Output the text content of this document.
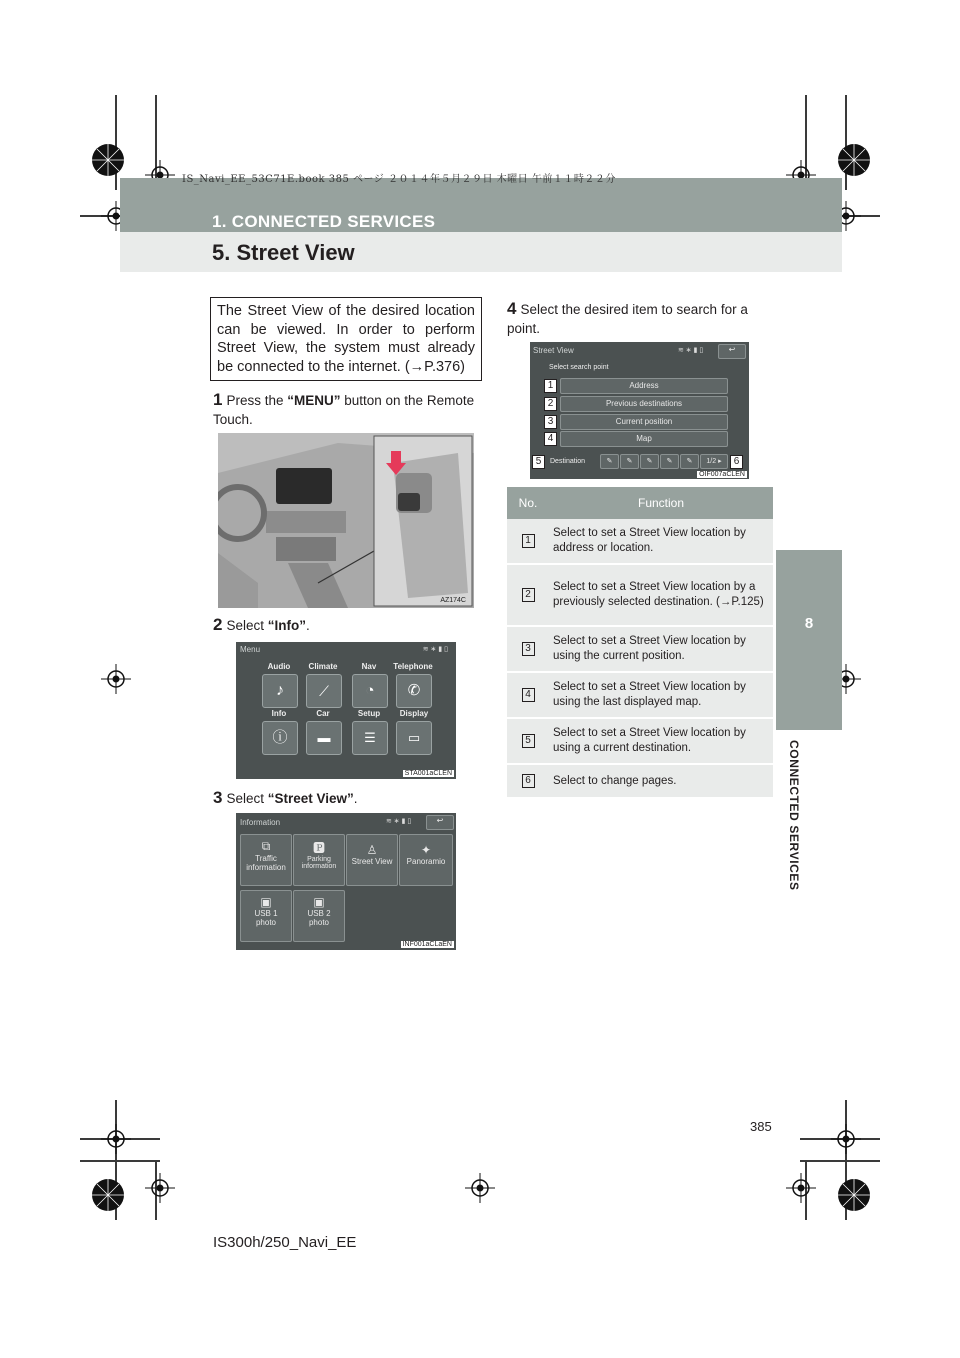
IS_Navi_EE_53C71E.book 385 ページ ２０１４年５月２９日 木曜日 午前１１時２２分
1. CONNECTED SERVICES
5. Street View
8
CONNECTED SERVICES
The Street View of the desired location can be viewed. In order to perform Street View, the system must already be connected to the internet. (→P.376)
1 Press the “MENU” button on the Remote Touch.
AZ174C
2 Select “Info”.
Menu	≋ ∗ ▮ ▯
Audio	Climate	Nav	Telephone
♪	⟋	◔	✆
Info	Car	Setup	Display
ⓘ	▬	☰	▭
STA001aCLEN
3 Select “Street View”.
Information	≋ ∗ ▮ ▯	↩
⧉
Traffic information
🅿
Parking information
♙
Street View
✦
Panoramio
▣
USB 1 photo
▣
USB 2 photo
INF001aCLaEN
4 Select the desired item to search for a point.
Street View	≋ ∗ ▮ ▯	↩
Select search point
Address
Previous destinations
Current position
Map
Destination	✎	✎	✎	✎	✎	1/2 ▸
1
2
3
4
5	6
OIF007aCLEN
No.	Function
1	Select to set a Street View location by address or location.
2	Select to set a Street View location by a previously selected destination. (→P.125)
3	Select to set a Street View location by using the current position.
4	Select to set a Street View location by using the last displayed map.
5	Select to set a Street View location by using a current destination.
6	Select to change pages.
385
IS300h/250_Navi_EE
